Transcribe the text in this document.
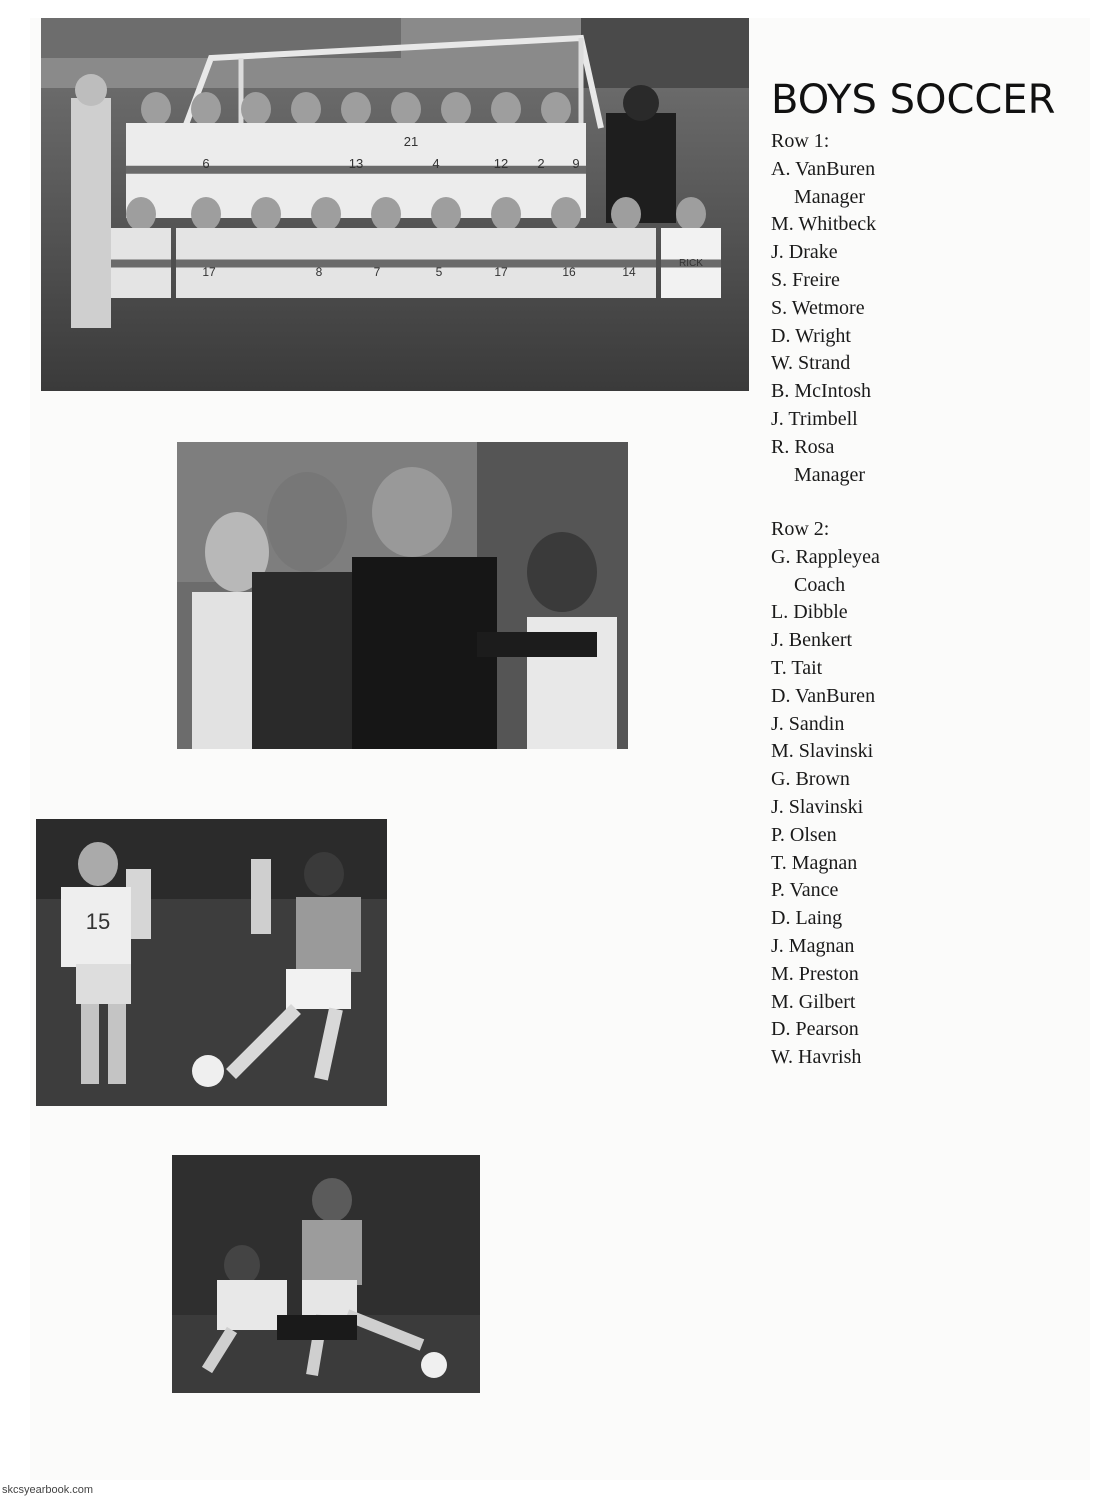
6	13	4	12 2 9
21
17	8	7	5	17	16	14
RICK
15
BOYS SOCCER
Row 1:
A. VanBuren
Manager
M. Whitbeck
J. Drake
S. Freire
S. Wetmore
D. Wright
W. Strand
B. McIntosh
J. Trimbell
R. Rosa
Manager
Row 2:
G. Rappleyea
Coach
L. Dibble
J. Benkert
T. Tait
D. VanBuren
J. Sandin
M. Slavinski
G. Brown
J. Slavinski
P. Olsen
T. Magnan
P. Vance
D. Laing
J. Magnan
M. Preston
M. Gilbert
D. Pearson
W. Havrish
skcsyearbook.com
